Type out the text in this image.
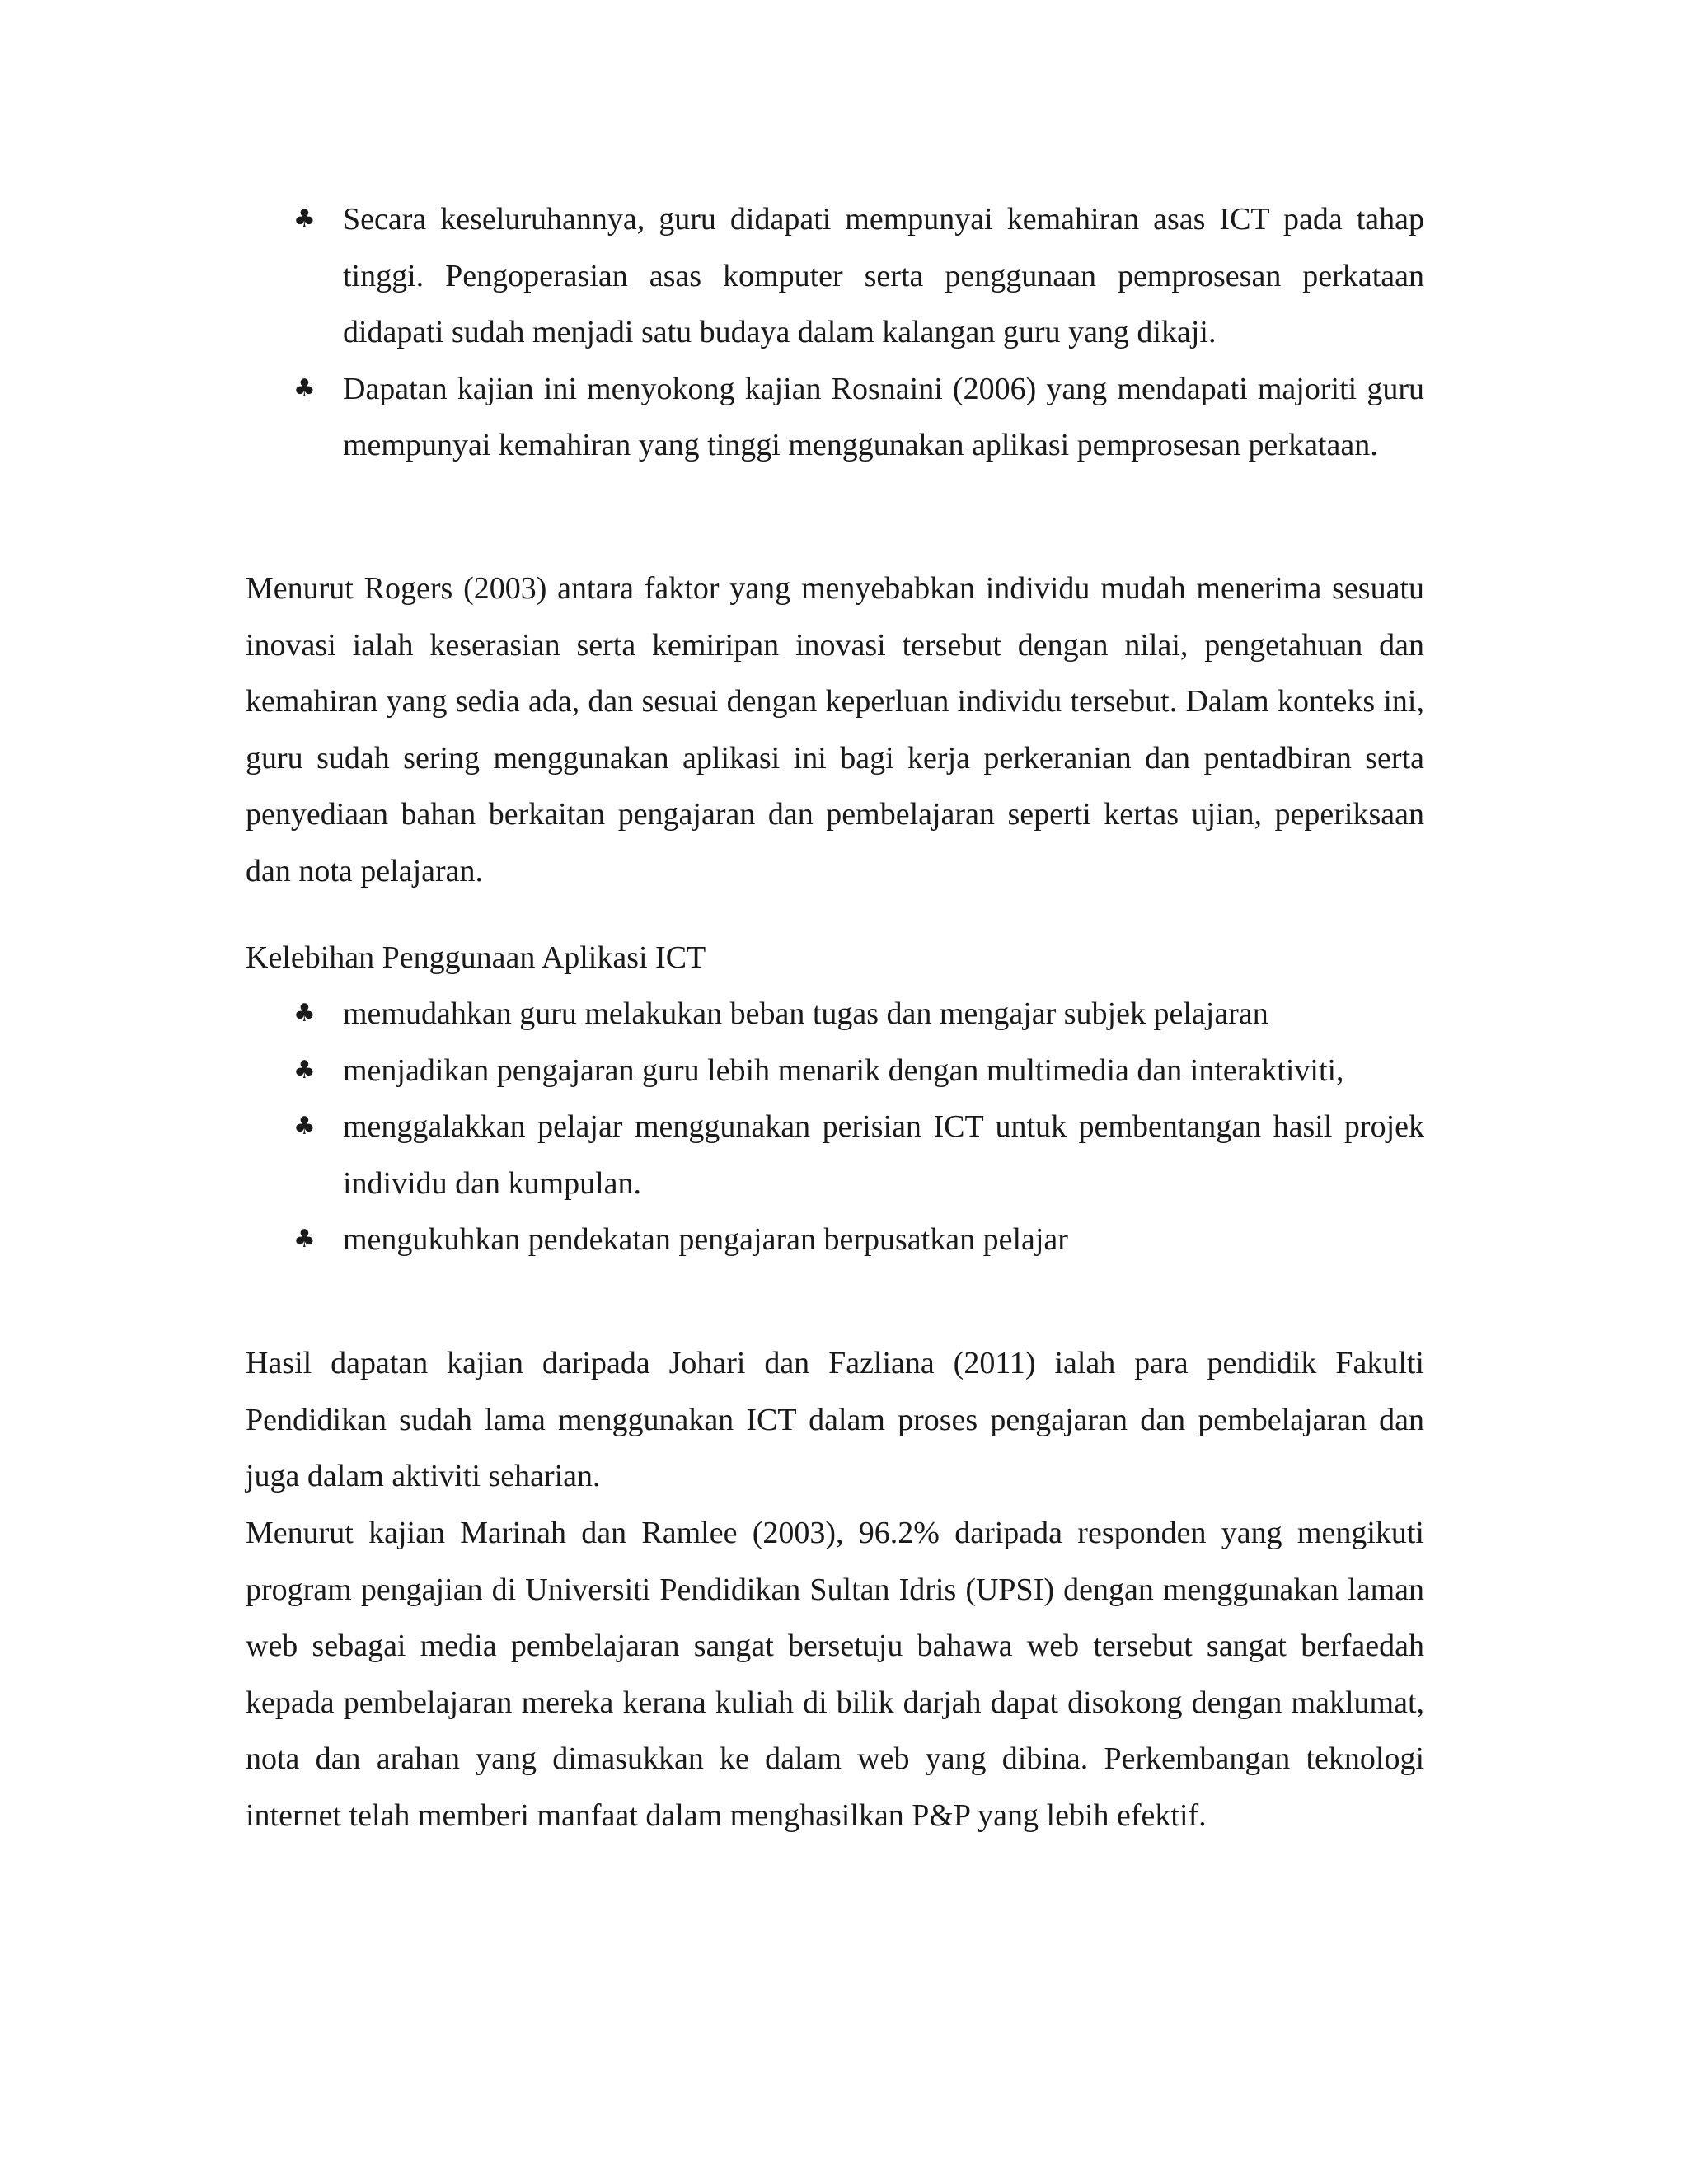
♣ Secara keseluruhannya, guru didapati mempunyai kemahiran asas ICT pada tahap tinggi. Pengoperasian asas komputer serta penggunaan pemprosesan perkataan didapati sudah menjadi satu budaya dalam kalangan guru yang dikaji.
♣ Dapatan kajian ini menyokong kajian Rosnaini (2006) yang mendapati majoriti guru mempunyai kemahiran yang tinggi menggunakan aplikasi pemprosesan perkataan.

Menurut Rogers (2003) antara faktor yang menyebabkan individu mudah menerima sesuatu inovasi ialah keserasian serta kemiripan inovasi tersebut dengan nilai, pengetahuan dan kemahiran yang sedia ada, dan sesuai dengan keperluan individu tersebut. Dalam konteks ini, guru sudah sering menggunakan aplikasi ini bagi kerja perkeranian dan pentadbiran serta penyediaan bahan berkaitan pengajaran dan pembelajaran seperti kertas ujian, peperiksaan dan nota pelajaran.

Kelebihan Penggunaan Aplikasi ICT

♣ memudahkan guru melakukan beban tugas dan mengajar subjek pelajaran
♣ menjadikan pengajaran guru lebih menarik dengan multimedia dan interaktiviti,
♣ menggalakkan pelajar menggunakan perisian ICT untuk pembentangan hasil projek individu dan kumpulan.
♣ mengukuhkan pendekatan pengajaran berpusatkan pelajar

Hasil dapatan kajian daripada Johari dan Fazliana (2011) ialah para pendidik Fakulti Pendidikan sudah lama menggunakan ICT dalam proses pengajaran dan pembelajaran dan juga dalam aktiviti seharian.

Menurut kajian Marinah dan Ramlee (2003), 96.2% daripada responden yang mengikuti program pengajian di Universiti Pendidikan Sultan Idris (UPSI) dengan menggunakan laman web sebagai media pembelajaran sangat bersetuju bahawa web tersebut sangat berfaedah kepada pembelajaran mereka kerana kuliah di bilik darjah dapat disokong dengan maklumat, nota dan arahan yang dimasukkan ke dalam web yang dibina. Perkembangan teknologi internet telah memberi manfaat dalam menghasilkan P&P yang lebih efektif.
